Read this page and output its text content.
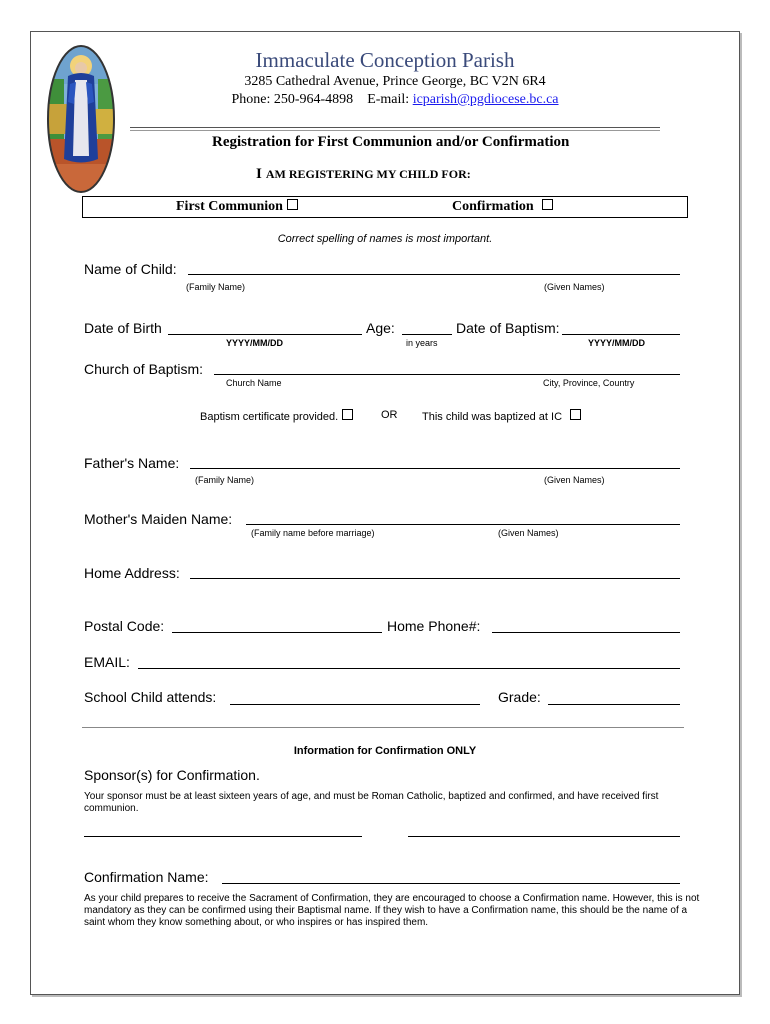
Immaculate Conception Parish
3285 Cathedral Avenue, Prince George, BC V2N 6R4
Phone: 250-964-4898 E-mail: icparish@pgdiocese.bc.ca
Registration for First Communion and/or Confirmation
I AM REGISTERING MY CHILD FOR:
First Communion	Confirmation
Correct spelling of names is most important.
Name of Child:
(Family Name)	(Given Names)
Date of Birth
YYYY/MM/DD
Age:
in years
Date of Baptism:
YYYY/MM/DD
Church of Baptism:
Church Name	City, Province, Country
Baptism certificate provided.	OR This child was baptized at IC
Father's Name:
(Family Name)	(Given Names)
Mother's Maiden Name:
(Family name before marriage)	(Given Names)
Home Address:
Postal Code:	Home Phone#:
EMAIL:
School Child attends:	Grade:
Information for Confirmation ONLY
Sponsor(s) for Confirmation.
Your sponsor must be at least sixteen years of age, and must be Roman Catholic, baptized and confirmed, and have received first communion.
Confirmation Name:
As your child prepares to receive the Sacrament of Confirmation, they are encouraged to choose a Confirmation name. However, this is not mandatory as they can be confirmed using their Baptismal name. If they wish to have a Confirmation name, this should be the name of a saint whom they know something about, or who inspires or has inspired them.
